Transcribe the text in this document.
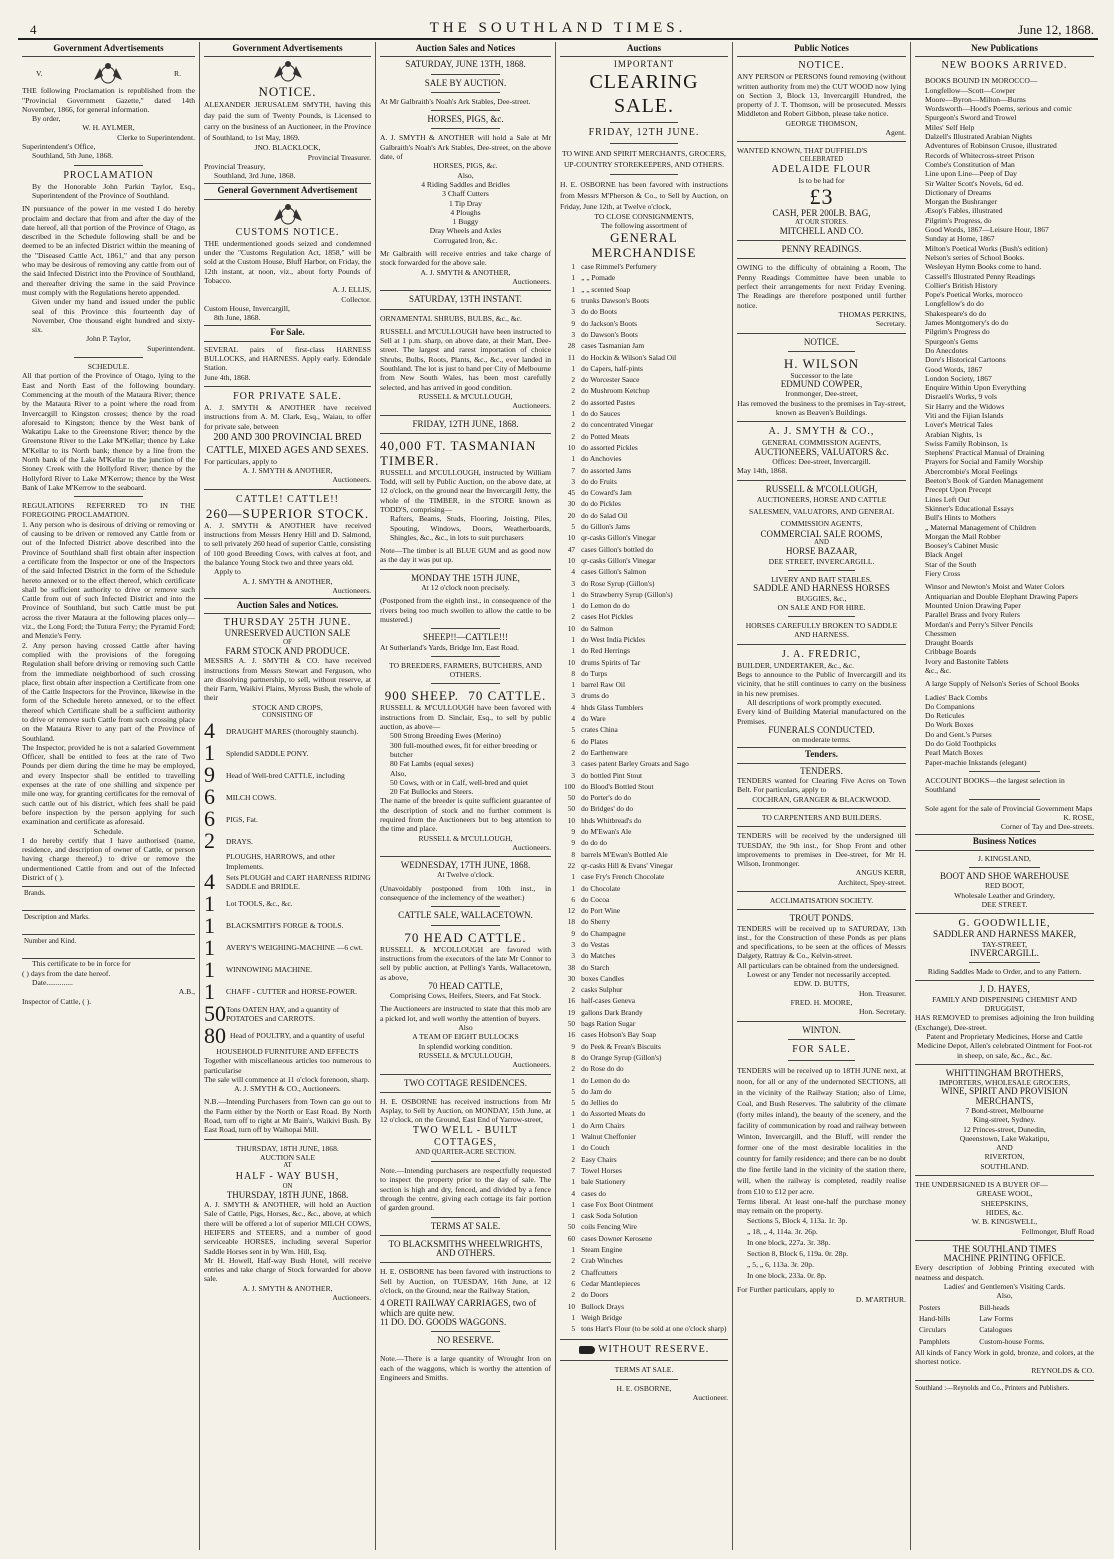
4	THE SOUTHLAND TIMES.	June 12, 1868.
Government Advertisements
V.	R.

THE following Proclamation is republished from the "Provincial Government Gazette," dated 14th November, 1866, for general information.

By order,

W. H. AYLMER,

Clerke to Superintendent.

Superintendent's Office,

Southland, 5th June, 1868.

PROCLAMATION

By the Honorable John Parkin Taylor, Esq., Superintendent of the Province of Southland.

IN pursuance of the power in me vested I do hereby proclaim and declare that from and after the day of the date hereof, all that portion of the Province of Otago, as described in the Schedule following shall be and be deemed to be an infected District within the meaning of the "Diseased Cattle Act, 1861," and that any person who may be desirous of removing any cattle from out of the said Infected District into the Province of Southland, and thereafter driving the same in the said Province must comply with the Regulations hereto appended.

Given under my hand and issued under the public seal of this Province this fourteenth day of November, One thousand eight hundred and sixty-six.

John P. Taylor,

Superintendent.

SCHEDULE.

All that portion of the Province of Otago, lying to the East and North East of the following boundary. Commencing at the mouth of the Mataura River; thence by the Mataura River to a point where the road from Invercargill to Kingston crosses; thence by the road aforesaid to Kingston; thence by the West bank of Wakatipu Lake to the Greenstone River; thence by the Greenstone River to the Lake M'Kellar; thence by Lake M'Kellar to its North bank; thence by a line from the North bank of the Lake M'Kellar to the junction of the Stoney Creek with the Hollyford River; thence by the Hollyford River to Lake M'Kerrow; thence by the West Bank of Lake M'Kerrow to the seaboard.

REGULATIONS REFERRED TO IN THE FOREGOING PROCLAMATION.

1. Any person who is desirous of driving or removing or of causing to be driven or removed any Cattle from or out of the Infected District above described into the Province of Southland shall first obtain after inspection a certificate from the Inspector or one of the Inspectors of the said Infected District in the form of the Schedule hereto annexed or to the effect thereof, which certificate shall be sufficient authority to drive or remove such Cattle from out of such Infected District and into the Province of Southland, but such Cattle must be put across the river Mataura at the following places only—viz., the Long Ford; the Tutura Ferry; the Pyramid Ford; and Menzie's Ferry.

2. Any person having crossed Cattle after having complied with the provisions of the foregoing Regulation shall before driving or removing such Cattle from the immediate neighborhood of such crossing place, first obtain after inspection a Certificate from one of the Cattle Inspectors for the Province, likewise in the form of the Schedule hereto annexed, or to the effect thereof which Certificate shall be a sufficient authority to drive or remove such Cattle from such crossing place on the Mataura River to any part of the Province of Southland.

The Inspector, provided he is not a salaried Government Officer, shall be entitled to fees at the rate of Two Pounds per diem during the time he may be employed, and every Inspector shall be entitled to travelling expenses at the rate of one shilling and sixpence per mile one way, for granting certificates for the removal of such cattle out of his district, which fees shall be paid before inspection by the person applying for such examination and certificate as aforesaid.

Schedule.

I do hereby certify that I have authorised (name, residence, and description of owner of Cattle, or person having charge thereof,) to drive or remove the undermentioned Cattle from and out of the Infected District of ( ).

Brands.
Description and Marks.
Number and Kind.

This certificate to be in force for

( ) days from the date hereof.

Date..............

A.B.,

Inspector of Cattle, ( ).

Government Advertisements

NOTICE.

ALEXANDER JERUSALEM SMYTH, having this day paid the sum of Twenty Pounds, is Licensed to carry on the business of an Auctioneer, in the Province of Southland, to 1st May, 1869.

JNO. BLACKLOCK,

Provincial Treasurer.

Provincial Treasury,

Southland, 3rd June, 1868.

General Government Advertisement

CUSTOMS NOTICE.

THE undermentioned goods seized and condemned under the "Customs Regulation Act, 1858," will be sold at the Custom House, Bluff Harbor, on Friday, the 12th instant, at noon, viz., about forty Pounds of Tobacco.

A. J. ELLIS,

Collector.

Custom House, Invercargill,

8th June, 1868.

For Sale.

SEVERAL pairs of first-class HARNESS BULLOCKS, and HARNESS. Apply early. Edendale Station.

June 4th, 1868.

FOR PRIVATE SALE.

A. J. SMYTH & ANOTHER have received instructions from A. M. Clark, Esq., Waiau, to offer for private sale, between

200 AND 300 PROVINCIAL BRED CATTLE, MIXED AGES AND SEXES.

For particulars, apply to

A. J. SMYTH & ANOTHER,

Auctioneers.

CATTLE! CATTLE!!

260—SUPERIOR STOCK.

A. J. SMYTH & ANOTHER have received instructions from Messrs Henry Hill and D. Salmond, to sell privately 260 head of superior Cattle, consisting of 100 good Breeding Cows, with calves at foot, and the balance Young Stock two and three years old.

Apply to

A. J. SMYTH & ANOTHER,

Auctioneers.

Auction Sales and Notices.

THURSDAY 25TH JUNE.

UNRESERVED AUCTION SALE

OF

FARM STOCK AND PRODUCE.

MESSRS A. J. SMYTH & CO. have received instructions from Messrs Stewart and Ferguson, who are dissolving partnership, to sell, without reserve, at their Farm, Waikivi Plains, Myross Bush, the whole of their

STOCK AND CROPS,

CONSISTING OF

4	DRAUGHT MARES (thoroughly staunch).
1	Splendid SADDLE PONY.
9	Head of Well-bred CATTLE, including
6	MILCH COWS.
6	PIGS, Fat.
2	DRAYS.
PLOUGHS, HARROWS, and other Implements.
4	Sets PLOUGH and CART HARNESS RIDING SADDLE and BRIDLE.
1	Lot TOOLS, &c., &c.
1	BLACKSMITH'S FORGE & TOOLS.
1	AVERY'S WEIGHING-MACHINE —6 cwt.
1	WINNOWING MACHINE.
1	CHAFF - CUTTER and HORSE-POWER.
50 Tons OATEN HAY, and a quantity of POTATOES and CARROTS.
80 Head of POULTRY, and a quantity of useful

HOUSEHOLD FURNITURE AND EFFECTS

Together with miscellaneous articles too numerous to particularise

The sale will commence at 11 o'clock forenoon, sharp.

A. J. SMYTH & CO., Auctioneers.

N.B.—Intending Purchasers from Town can go out to the Farm either by the North or East Road. By North Road, turn off to right at Mr Bain's, Waikivi Bush. By East Road, turn off by Waihopai Mill.

THURSDAY, 18TH JUNE, 1868.

AUCTION SALE

AT

HALF - WAY BUSH,

ON

THURSDAY, 18TH JUNE, 1868.

A. J. SMYTH & ANOTHER, will hold an Auction Sale of Cattle, Pigs, Horses, &c., &c., above, at which there will be offered a lot of superior MILCH COWS, HEIFERS and STEERS, and a number of good serviceable HORSES, including several Superior Saddle Horses sent in by Wm. Hill, Esq.

Mr H. Howell, Half-way Bush Hotel, will receive entries and take charge of Stock forwarded for above sale.

A. J. SMYTH & ANOTHER,

Auctioneers.

Auction Sales and Notices

SATURDAY, JUNE 13TH, 1868.

SALE BY AUCTION.

At Mr Galbraith's Noah's Ark Stables, Dee-street.

HORSES, PIGS, &c.

A. J. SMYTH & ANOTHER will hold a Sale at Mr Galbraith's Noah's Ark Stables, Dee-street, on the above date, of

HORSES, PIGS, &c.
Also,
4 Riding Saddles and Bridles
3 Chaff Cutters
1 Tip Dray
4 Ploughs
1 Buggy
Dray Wheels and Axles
Corrugated Iron, &c.

Mr Galbraith will receive entries and take charge of stock forwarded for the above sale.

A. J. SMYTH & ANOTHER,

Auctioneers.

SATURDAY, 13TH INSTANT.

ORNAMENTAL SHRUBS, BULBS, &c., &c.

RUSSELL and M'CULLOUGH have been instructed to Sell at 1 p.m. sharp, on above date, at their Mart, Dee-street. The largest and rarest importation of choice Shrubs, Bulbs, Roots, Plants, &c., &c., ever landed in Southland. The lot is just to hand per City of Melbourne from New South Wales, has been most carefully selected, and has arrived in good condition.

RUSSELL & M'CULLOUGH,

Auctioneers.

FRIDAY, 12TH JUNE, 1868.

40,000 FT. TASMANIAN TIMBER.

RUSSELL and M'CULLOUGH, instructed by William Todd, will sell by Public Auction, on the above date, at 12 o'clock, on the ground near the Invercargill Jetty, the whole of the TIMBER, in the STORE known as TODD'S, comprising—

Rafters, Beams, Studs, Flooring, Joisting, Piles, Spouting, Windows, Doors, Weatherboards, Shingles, &c., &c., in lots to suit purchasers

Note—The timber is all BLUE GUM and as good now as the day it was put up.

MONDAY THE 15TH JUNE,

At 12 o'clock noon precisely.

(Postponed from the eighth inst., in consequence of the rivers being too much swollen to allow the cattle to be mustered.)

SHEEP!!—CATTLE!!!

At Sutherland's Yards, Bridge Inn, East Road.

TO BREEDERS, FARMERS, BUTCHERS, AND OTHERS.

900 SHEEP. 70 CATTLE.

RUSSELL & M'CULLOUGH have been favored with instructions from D. Sinclair, Esq., to sell by public auction, as above—

500 Strong Breeding Ewes (Merino)
300 full-mouthed ewes, fit for either breeding or butcher
80 Fat Lambs (equal sexes)
Also,
50 Cows, with or in Calf, well-bred and quiet
20 Fat Bullocks and Steers.

The name of the breeder is quite sufficient guarantee of the description of stock and no further comment is required from the Auctioneers but to beg attention to the time and place.

RUSSELL & M'CULLOUGH,

Auctioneers.

WEDNESDAY, 17TH JUNE, 1868.

At Twelve o'clock.

(Unavoidably postponed from 10th inst., in consequence of the inclemency of the weather.)

CATTLE SALE, WALLACETOWN.

70 HEAD CATTLE.

RUSSELL & M'COLLOUGH are favored with instructions from the executors of the late Mr Connor to sell by public auction, at Pelling's Yards, Wallacetown, as above,

70 HEAD CATTLE,

Comprising Cows, Heifers, Steers, and Fat Stock.

The Auctioneers are instructed to state that this mob are a picked lot, and well worthy the attention of buyers.

Also

A TEAM OF EIGHT BULLOCKS

In splendid working condition.

RUSSELL & M'CULLOUGH,

Auctioneers.

TWO COTTAGE RESIDENCES.

H. E. OSBORNE has received instructions from Mr Asplay, to Sell by Auction, on MONDAY, 15th June, at 12 o'clock, on the Ground, East End of Yarrow-street,

TWO WELL - BUILT COTTAGES,

AND QUARTER-ACRE SECTION.

Note.—Intending purchasers are respectfully requested to inspect the property prior to the day of sale. The section is high and dry, fenced, and divided by a fence through the centre, giving each cottage its fair portion of garden ground.

TERMS AT SALE.

TO BLACKSMITHS WHEELWRIGHTS, AND OTHERS.

H. E. OSBORNE has been favored with instructions to Sell by Auction, on TUESDAY, 16th June, at 12 o'clock, on the Ground, near the Railway Station,

4 ORETI RAILWAY CARRIAGES, two of which are quite new.

11 DO. DO. GOODS WAGGONS.

NO RESERVE.

Note.—There is a large quantity of Wrought Iron on each of the waggons, which is worthy the attention of Engineers and Smiths.

Auctions

IMPORTANT

CLEARING SALE.

FRIDAY, 12TH JUNE.

TO WINE AND SPIRIT MERCHANTS, GROCERS, UP-COUNTRY STOREKEEPERS, AND OTHERS.

H. E. OSBORNE has been favored with instructions from Messrs M'Pherson & Co., to Sell by Auction, on Friday, June 12th, at Twelve o'clock,

TO CLOSE CONSIGNMENTS,

The following assortment of

GENERAL MERCHANDISE

1	case Rimmel's Perfumery
1	„ „ Pomade
1	„ „ scented Soap
6	trunks Dawson's Boots
3	do do Boots
9	do Jackson's Boots
3	do Dawson's Boots
28	cases Tasmanian Jam
11	do Hockin & Wilson's Salad Oil
1	do Capers, half-pints
2	do Worcester Sauce
2	do Mushroom Ketchup
2	do assorted Pastes
1	do do Sauces
2	do concentrated Vinegar
2	do Potted Meats
10	do assorted Pickles
1	do Anchovies
7	do assorted Jams
3	do do Fruits
45	do Coward's Jam
30	do do Pickles
20	do do Salad Oil
5	do Gillon's Jams
10	qr-casks Gillon's Vinegar
47	cases Gillon's bottled do
10	qr-casks Gillon's Vinegar
4	cases Gillon's Salmon
3	do Rose Syrup (Gillon's)
1	do Strawberry Syrup (Gillon's)
1	do Lemon do do
2	cases Hot Pickles
10	do Salmon
1	do West India Pickles
1	do Red Herrings
10	drums Spirits of Tar
8	do Turps
1	barrel Raw Oil
3	drums do
4	hhds Glass Tumblers
4	do Ware
5	crates China
6	do Plates
2	do Earthenware
3	cases patent Barley Groats and Sago
3	do bottled Pint Stout
100	do Blood's Bottled Stout
50	do Porter's do do
50	do Bridges' do do
10	hhds Whitbread's do
9	do M'Ewan's Ale
9	do do do
8	barrels M'Ewan's Bottled Ale
22	qr-casks Hill & Evans' Vinegar
1	case Fry's French Chocolate
1	do Chocolate
6	do Cocoa
12	do Port Wine
18	do Sherry
9	do Champagne
3	do Vestas
3	do Matches
38	do Starch
30	boxes Candles
2	casks Sulphur
16	half-cases Geneva
19	gallons Dark Brandy
50	bags Ration Sugar
16	cases Hobson's Bay Soap
9	do Peek & Frean's Biscuits
8	do Orange Syrup (Gillon's)
2	do Rose do do
1	do Lemon do do
5	do Jam do
5	do Jellies do
1	do Assorted Meats do
1	do Arm Chairs
1	Walnut Cheffonier
1	do Couch
2	Easy Chairs
7	Towel Horses
1	bale Stationery
4	cases do
1	case Fox Boot Ointment
1	cask Soda Solution
50	coils Fencing Wire
60	cases Downer Kerosene
1	Steam Engine
2	Crab Winches
2	Chaffcutters
6	Cedar Mantlepieces
2	do Doors
10	Bullock Drays
1	Weigh Bridge
5	tons Hart's Flour (to be sold at one o'clock sharp)
WITHOUT RESERVE.

TERMS AT SALE.

H. E. OSBORNE,

Auctioneer.

Public Notices

NOTICE.

ANY PERSON or PERSONS found removing (without written authority from me) the CUT WOOD now lying on Section 3, Block 13, Invercargill Hundred, the property of J. T. Thomson, will be prosecuted. Messrs Middleton and Robert Gibbon, please take notice.

GEORGE THOMSON,

Agent.

WANTED KNOWN, THAT DUFFIELD'S

CELEBRATED

ADELAIDE FLOUR

Is to be had for

£3

CASH, PER 200LB. BAG,

AT OUR STORES.

MITCHELL AND CO.

PENNY READINGS.

OWING to the difficulty of obtaining a Room, The Penny Readings Committee have been unable to perfect their arrangements for next Friday Evening. The Readings are therefore postponed until further notice.

THOMAS PERKINS,

Secretary.

NOTICE.

H. WILSON

Successor to the late

EDMUND COWPER,

Ironmonger, Dee-street,

Has removed the business to the premises in Tay-street, known as Beaven's Buildings.

A. J. SMYTH & CO.,

GENERAL COMMISSION AGENTS,

AUCTIONEERS, VALUATORS &c.

Offices: Dee-street, Invercargill.

May 14th, 1868.

RUSSELL & M'COLLOUGH,

AUCTIONEERS, HORSE AND CATTLE SALESMEN, VALUATORS, AND GENERAL COMMISSION AGENTS,

COMMERCIAL SALE ROOMS,

AND

HORSE BAZAAR,

DEE STREET, INVERCARGILL.

LIVERY AND BAIT STABLES.

SADDLE AND HARNESS HORSES

BUGGIES, &c.,

ON SALE AND FOR HIRE.

HORSES CAREFULLY BROKEN TO SADDLE AND HARNESS.

J. A. FREDRIC,

BUILDER, UNDERTAKER, &c., &c.

Begs to announce to the Public of Invercargill and its vicinity, that he still continues to carry on the business in his new premises.

All descriptions of work promptly executed.

Every kind of Building Material manufactured on the Premises.

FUNERALS CONDUCTED.

on moderate terms.

Tenders.

TENDERS.

TENDERS wanted for Clearing Five Acres on Town Belt. For particulars, apply to

COCHRAN, GRANGER & BLACKWOOD.

TO CARPENTERS AND BUILDERS.

TENDERS will be received by the undersigned till TUESDAY, the 9th inst., for Shop Front and other improvements to premises in Dee-street, for Mr H. Wilson, Ironmonger.

ANGUS KERR,

Architect, Spey-street.

ACCLIMATISATION SOCIETY.

TROUT PONDS.

TENDERS will be received up to SATURDAY, 13th inst., for the Construction of these Ponds as per plans and specifications, to be seen at the offices of Messrs Dalgety, Rattray & Co., Kelvin-street.

All particulars can be obtained from the undersigned.

Lowest or any Tender not necessarily accepted.

EDW. D. BUTTS,

Hon. Treasurer.

FRED. H. MOORE,

Hon. Secretary.

WINTON.

FOR SALE.

TENDERS will be received up to 18TH JUNE next, at noon, for all or any of the undernoted SECTIONS, all in the vicinity of the Railway Station; also of Lime, Coal, and Bush Reserves. The salubrity of the climate (forty miles inland), the beauty of the scenery, and the facility of communication by road and railway between Winton, Invercargill, and the Bluff, will render the former one of the most desirable localities in the country for family residence; and there can be no doubt the fine fertile land in the vicinity of the station there, will, when the railway is completed, readily realise from £10 to £12 per acre.

Terms liberal. At least one-half the purchase money may remain on the property.

Sections 5, Block 4, 113a. 1r. 3p.
„ 18, „ 4, 114a. 3r. 26p.
In one block, 227a. 3r. 38p.
Section 8, Block 6, 119a. 0r. 28p.
„ 5, „ 6, 113a. 3r. 20p.
In one block, 233a. 0r. 8p.

For Further particulars, apply to

D. M'ARTHUR.

New Publications

NEW BOOKS ARRIVED.

BOOKS BOUND IN MOROCCO—
Longfellow—Scott—Cowper
Moore—Byron—Milton—Burns
Wordsworth—Hood's Poems, serious and comic
Spurgeon's Sword and Trowel
Miles' Self Help
Dalzell's Illustrated Arabian Nights
Adventures of Robinson Crusoe, illustrated
Records of Whitecross-street Prison
Combe's Constitution of Man
Line upon Line—Peep of Day
Sir Walter Scott's Novels, 6d ed.
Dictionary of Dreams
Morgan the Bushranger
Æsop's Fables, illustrated
Pilgrim's Progress, do
Good Words, 1867—Leisure Hour, 1867
Sunday at Home, 1867
Milton's Poetical Works (Bush's edition)
Nelson's series of School Books.
Wesleyan Hymn Books come to hand.
Cassell's Illustrated Penny Readings
Collier's British History
Pope's Poetical Works, morocco
Longfellow's do do
Shakespeare's do do
James Montgomery's do do
Pilgrim's Progress do
Spurgeon's Gems
Do Anecdotes
Dore's Historical Cartoons
Good Words, 1867
London Society, 1867
Enquire Within Upon Everything
Disraeli's Works, 9 vols
Sir Harry and the Widows
Viti and the Fijian Islands
Lover's Metrical Tales
Arabian Nights, 1s
Swiss Family Robinson, 1s
Stephens' Practical Manual of Draining
Prayers for Social and Family Worship
Abercrombie's Moral Feelings
Beeton's Book of Garden Management
Precept Upon Precept
Lines Left Out
Skinner's Educational Essays
Bull's Hints to Mothers
„ Maternal Management of Children
Morgan the Mail Robber
Boosey's Cabinet Music
Black Angel
Star of the South
Fiery Cross
Winsor and Newton's Moist and Water Colors
Antiquarian and Double Elephant Drawing Papers
Mounted Union Drawing Paper
Parallel Brass and Ivory Rulers
Mordan's and Perry's Silver Pencils
Chessmen
Draught Boards
Cribbage Boards
Ivory and Bastonite Tablets
&c., &c.

A large Supply of Nelson's Series of School Books

Ladies' Back Combs
Do Companions
Do Reticules
Do Work Boxes
Do and Gent.'s Purses
Do do Gold Toothpicks
Pearl Match Boxes
Paper-machie Inkstands (elegant)

ACCOUNT BOOKS—the largest selection in Southland

Sole agent for the sale of Provincial Government Maps

K. ROSE,

Corner of Tay and Dee-streets.

Business Notices

J. KINGSLAND,

BOOT AND SHOE WAREHOUSE

RED BOOT,

Wholesale Leather and Grindery,

DEE STREET.

G. GOODWILLIE,

SADDLER AND HARNESS MAKER,

TAY-STREET,

INVERCARGILL.

Riding Saddles Made to Order, and to any Pattern.

J. D. HAYES,

FAMILY AND DISPENSING CHEMIST AND DRUGGIST,

HAS REMOVED to premises adjoining the Iron building (Exchange), Dee-street.

Patent and Proprietary Medicines, Horse and Cattle Medicine Depot, Allen's celebrated Ointment for Foot-rot in sheep, on sale, &c., &c., &c.

WHITTINGHAM BROTHERS,

IMPORTERS, WHOLESALE GROCERS,

WINE, SPIRIT AND PROVISION MERCHANTS,

7 Bond-street, Melbourne
King-street, Sydney.
12 Princes-street, Dunedin,
Queenstown, Lake Wakatipu,
AND
RIVERTON,
SOUTHLAND.

THE UNDERSIGNED IS A BUYER OF—

GREASE WOOL,

SHEEPSKINS,

HIDES, &c.

W. B. KINGSWELL,

Fellmonger, Bluff Road

THE SOUTHLAND TIMES

MACHINE PRINTING OFFICE.

Every description of Jobbing Printing executed with neatness and despatch.

Ladies' and Gentlemen's Visiting Cards.

Also,

Posters	Bill-heads
Hand-bills	Law Forms
Circulars	Catalogues
Pamphlets	Custom-house Forms.

All kinds of Fancy Work in gold, bronze, and colors, at the shortest notice.

REYNOLDS & CO.

Southland :—Reynolds and Co., Printers and Publishers.
